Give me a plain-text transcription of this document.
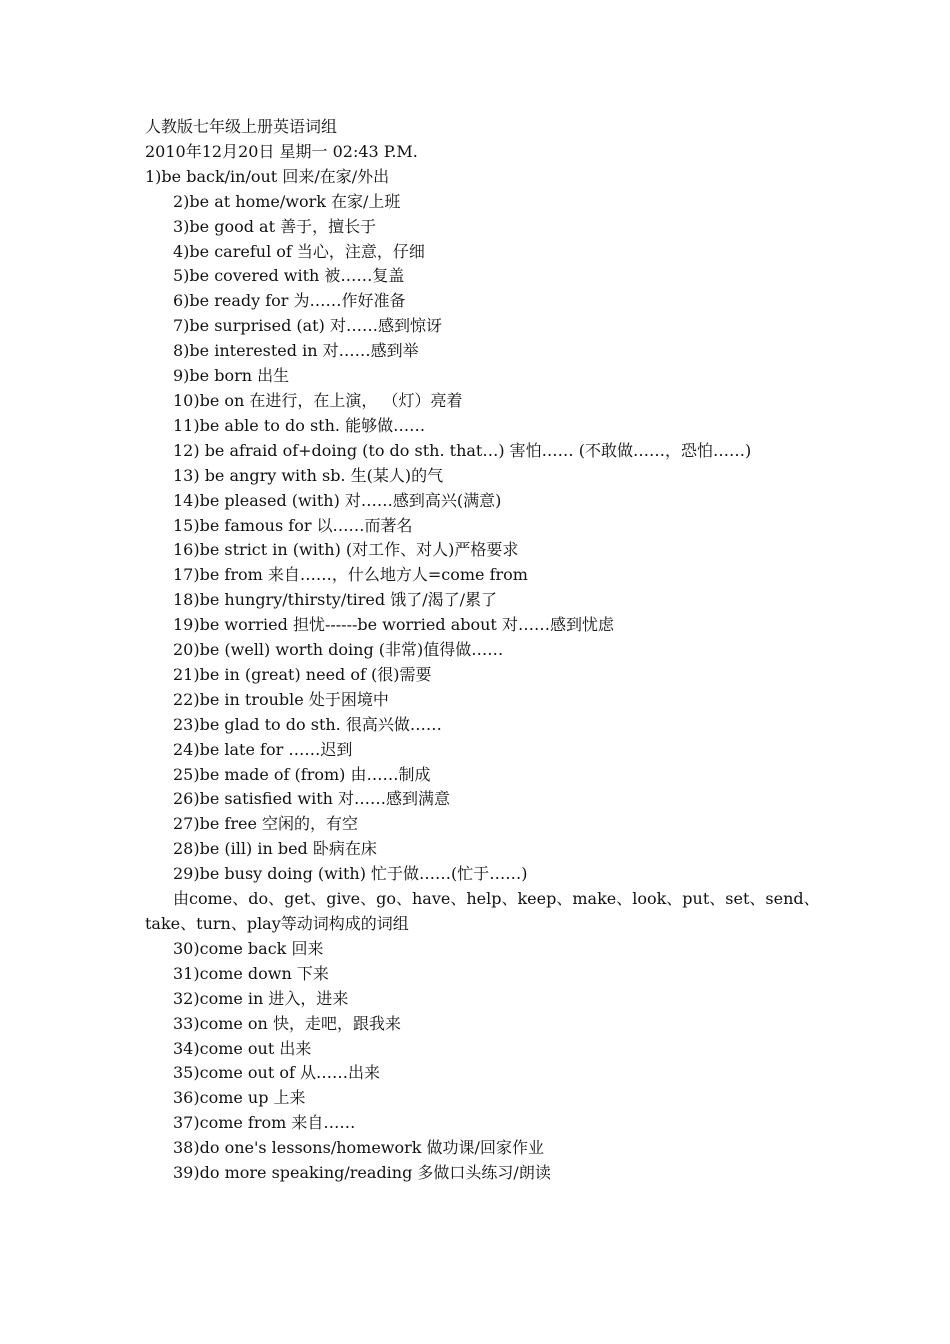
人教版七年级上册英语词组
2010年12月20日 星期一 02:43 P.M.
1)be back/in/out 回来/在家/外出
2)be at home/work 在家/上班
3)be good at 善于，擅长于
4)be careful of 当心，注意，仔细
5)be covered with 被……复盖
6)be ready for 为……作好准备
7)be surprised (at) 对……感到惊讶
8)be interested in 对……感到举
9)be born 出生
10)be on 在进行，在上演， （灯）亮着
11)be able to do sth. 能够做……
12) be afraid of+doing (to do sth. that…) 害怕…… (不敢做……，恐怕……)
13) be angry with sb. 生(某人)的气
14)be pleased (with) 对……感到高兴(满意)
15)be famous for 以……而著名
16)be strict in (with) (对工作、对人)严格要求
17)be from 来自……，什么地方人=come from
18)be hungry/thirsty/tired 饿了/渴了/累了
19)be worried 担忧------be worried about 对……感到忧虑
20)be (well) worth doing (非常)值得做……
21)be in (great) need of (很)需要
22)be in trouble 处于困境中
23)be glad to do sth. 很高兴做……
24)be late for ……迟到
25)be made of (from) 由……制成
26)be satisfied with 对……感到满意
27)be free 空闲的，有空
28)be (ill) in bed 卧病在床
29)be busy doing (with) 忙于做……(忙于……)
由come、do、get、give、go、have、help、keep、make、look、put、set、send、take、turn、play等动词构成的词组
30)come back 回来
31)come down 下来
32)come in 进入，进来
33)come on 快，走吧，跟我来
34)come out 出来
35)come out of 从……出来
36)come up 上来
37)come from 来自……
38)do one's lessons/homework 做功课/回家作业
39)do more speaking/reading 多做口头练习/朗读
